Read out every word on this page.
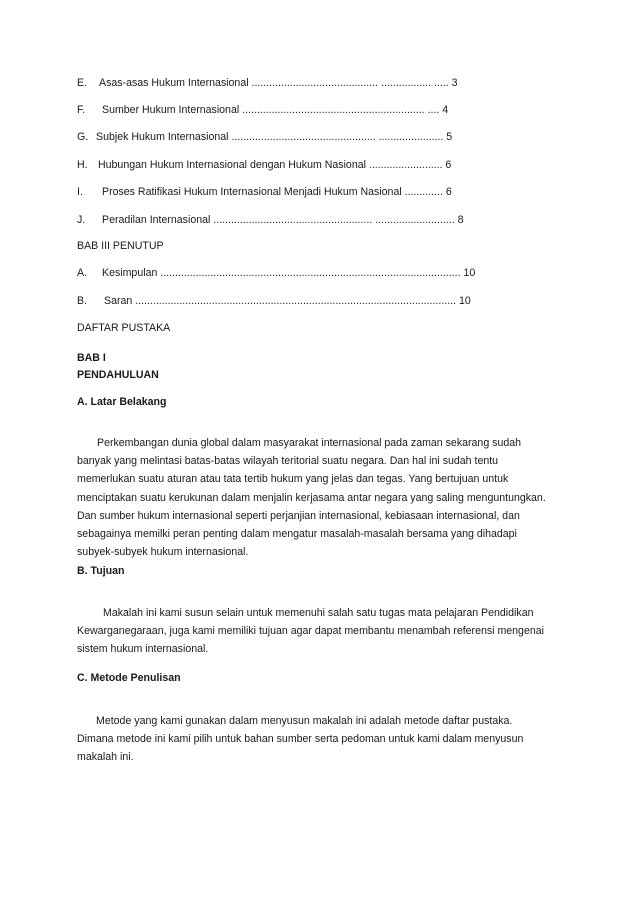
E. Asas-asas Hukum Internasional ........................................... ................. ..... 3
F. Sumber Hukum Internasional .............................................................. .... 4
G. Subjek Hukum Internasional ................................................. ...................... 5
H. Hubungan Hukum Internasional dengan Hukum Nasional ......................... 6
I. Proses Ratifikasi Hukum Internasional Menjadi Hukum Nasional ............. 6
J. Peradilan Internasional ...................................................... ........................... 8
BAB III PENUTUP
A. Kesimpulan ...................................................................................................... 10
B. Saran ............................................................................................................. 10
DAFTAR PUSTAKA
BAB I
PENDAHULUAN
A. Latar Belakang
Perkembangan dunia global dalam masyarakat internasional pada zaman sekarang sudah
banyak yang melintasi batas-batas wilayah teritorial suatu negara. Dan hal ini sudah tentu
memerlukan suatu aturan atau tata tertib hukum yang jelas dan tegas. Yang bertujuan untuk
menciptakan suatu kerukunan dalam menjalin kerjasama antar negara yang saling menguntungkan.
Dan sumber hukum internasional seperti perjanjian internasional, kebiasaan internasional, dan
sebagainya memilki peran penting dalam mengatur masalah-masalah bersama yang dihadapi
subyek-subyek hukum internasional.
B. Tujuan
Makalah ini kami susun selain untuk memenuhi salah satu tugas mata pelajaran Pendidikan
Kewarganegaraan, juga kami memiliki tujuan agar dapat membantu menambah referensi mengenai
sistem hukum internasional.
C. Metode Penulisan
Metode yang kami gunakan dalam menyusun makalah ini adalah metode daftar pustaka.
Dimana metode ini kami pilih untuk bahan sumber serta pedoman untuk kami dalam menyusun
makalah ini.
